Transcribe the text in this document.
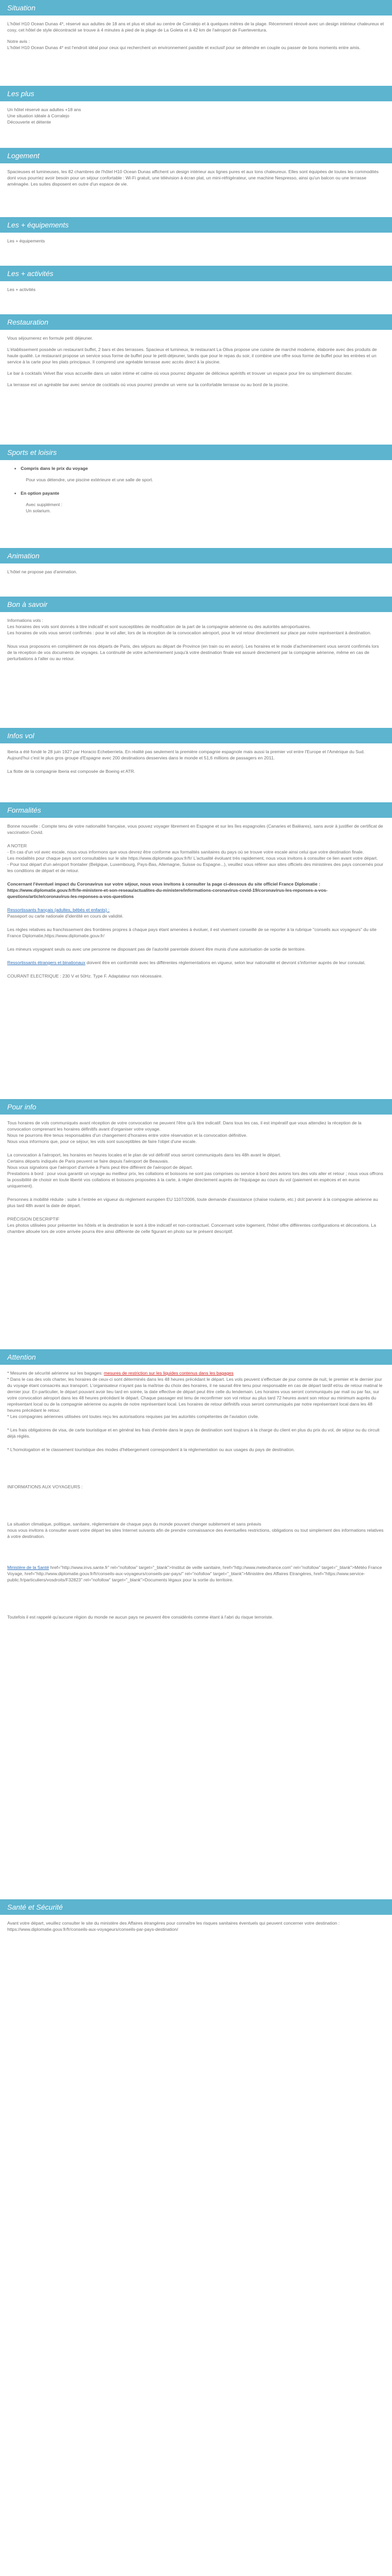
Situation

L'hôtel H10 Ocean Dunas 4*, réservé aux adultes de 18 ans et plus et situé au centre de Corralejo et à quelques mètres de la plage. Récemment rénové avec un design intérieur chaleureux et cosy, cet hôtel de style décontracté se trouve à 4 minutes à pied de la plage de La Goleta et à 42 km de l'aéroport de Fuerteventura.

Notre avis :

L'hôtel H10 Ocean Dunas 4* est l'endroit idéal pour ceux qui recherchent un environnement paisible et exclusif pour se détendre en couple ou passer de bons moments entre amis.

Les plus
Un hôtel réservé aux adultes +18 ans
Une situation idéale à Corralejo
Découverte et détente
Logement

Spacieuses et lumineuses, les 82 chambres de l'hôtel H10 Ocean Dunas affichent un design intérieur aux lignes pures et aux tons chaleureux. Elles sont équipées de toutes les commodités dont vous pourriez avoir besoin pour un séjour confortable : Wi-Fi gratuit, une télévision à écran plat, un mini-réfrigérateur, une machine Nespresso, ainsi qu'un balcon ou une terrasse aménagée. Les suites disposent en outre d'un espace de vie.

Les + équipements

Les + équipements

Les + activités

Les + activités

Restauration

Vous séjournerez en formule petit déjeuner.

L'établissement possède un restaurant buffet, 2 bars et des terrasses. Spacieux et lumineux, le restaurant La Oliva propose une cuisine de marché moderne, élaborée avec des produits de haute qualité. Le restaurant propose un service sous forme de buffet pour le petit-déjeuner, tandis que pour le repas du soir, il combine une offre sous forme de buffet pour les entrées et un service à la carte pour les plats principaux. Il comprend une agréable terrasse avec accès direct à la piscine.

Le bar à cocktails Velvet Bar vous accueille dans un salon intime et calme où vous pourrez déguster de délicieux apéritifs et trouver un espace pour lire ou simplement discuter.

La terrasse est un agréable bar avec service de cocktails où vous pourrez prendre un verre sur la confortable terrasse ou au bord de la piscine.

Sports et loisirs
• Compris dans le prix du voyage
Pour vous détendre, une piscine extérieure et une salle de sport.
• En option payante
Avec supplément :
Un solarium.
Animation

L'hôtel ne propose pas d'animation.

Bon à savoir

Informations vols :

Les horaires des vols sont donnés à titre indicatif et sont susceptibles de modification de la part de la compagnie aérienne ou des autorités aéroportuaires.

Les horaires de vols vous seront confirmés : pour le vol aller, lors de la réception de la convocation aéroport, pour le vol retour directement sur place par notre représentant à destination.

Nous vous proposons en complément de nos départs de Paris, des séjours au départ de Province (en train ou en avion). Les horaires et le mode d'acheminement vous seront confirmés lors de la réception de vos documents de voyages. La continuité de votre acheminement jusqu'à votre destination finale est assuré directement par la compagnie aérienne, même en cas de perturbations à l'aller ou au retour.

Infos vol

Iberia a été fondé le 28 juin 1927 par Horacio Echeberrieta. En réalité pas seulement la première compagnie espagnole mais aussi la premier vol entre l'Europe et l'Amérique du Sud. Aujourd'hui c'est le plus gros groupe d'Espagne avec 200 destinations desservies dans le monde et 51,6 millions de passagers en 2011.

La flotte de la compagnie Iberia est composée de Boeing et ATR.

Formalités

Bonne nouvelle : Compte tenu de votre nationalité française, vous pouvez voyager librement en Espagne et sur les îles espagnoles (Canaries et Baléares), sans avoir à justifier de certificat de vaccination Covid.

A NOTER

- En cas d'un vol avec escale, nous vous informons que vous devrez être conforme aux formalités sanitaires du pays où se trouve votre escale ainsi celui que votre destination finale.

Les modalités pour chaque pays sont consultables sur le site https://www.diplomatie.gouv.fr/fr/ L'actualité évoluant très rapidement, nous vous invitons à consulter ce lien avant votre départ.

- Pour tout départ d'un aéroport frontalier (Belgique, Luxembourg, Pays-Bas, Allemagne, Suisse ou Espagne...), veuillez vous référer aux sites officiels des ministères des pays concernés pour les conditions de départ et de retour.

Concernant l'éventuel impact du Coronavirus sur votre séjour, nous vous invitons à consulter la page ci-dessous du site officiel France Diplomatie :

https://www.diplomatie.gouv.fr/fr/le-ministere-et-son-reseau/actualites-du-ministere/informations-coronavirus-covid-19/coronavirus-les-reponses-a-vos-questions/article/coronavirus-les-reponses-a-vos-questions

Ressortissants français (adultes, bébés et enfants) :

Passeport ou carte nationale d'identité en cours de validité.

Les règles relatives au franchissement des frontières propres à chaque pays étant amenées à évoluer, il est vivement conseillé de se reporter à la rubrique "conseils aux voyageurs" du site France Diplomatie,https://www.diplomatie.gouv.fr/

Les mineurs voyageant seuls ou avec une personne ne disposant pas de l'autorité parentale doivent être munis d'une autorisation de sortie de territoire.

Ressortissants étrangers et binationaux doivent être en conformité avec les différentes réglementations en vigueur, selon leur nationalité et devront s'informer auprès de leur consulat.

COURANT ELECTRIQUE : 230 V et 50Hz. Type F. Adaptateur non nécessaire.

Pour info

Tous horaires de vols communiqués avant réception de votre convocation ne peuvent l'être qu'à titre indicatif. Dans tous les cas, il est impératif que vous attendiez la réception de la convocation comprenant les horaires définitifs avant d'organiser votre voyage.

Nous ne pourrons être tenus responsables d'un changement d'horaires entre votre réservation et la convocation définitive.

Nous vous informons que, pour ce séjour, les vols sont susceptibles de faire l'objet d'une escale.

La convocation à l'aéroport, les horaires en heures locales et le plan de vol définitif vous seront communiqués dans les 48h avant le départ.

Certains départs indiqués de Paris peuvent se faire depuis l'aéroport de Beauvais.

Nous vous signalons que l'aéroport d'arrivée à Paris peut être différent de l'aéroport de départ.

Prestations à bord : pour vous garantir un voyage au meilleur prix, les collations et boissons ne sont pas comprises ou service à bord des avions lors des vols aller et retour ; nous vous offrons la possibilité de choisir en toute liberté vos collations et boissons proposées à la carte, à régler directement auprès de l'équipage au cours du vol (paiement en espèces et en euros uniquement).

Personnes à mobilité réduite : suite à l'entrée en vigueur du règlement européen EU 1107/2006, toute demande d'assistance (chaise roulante, etc.) doit parvenir à la compagnie aérienne au plus tard 48h avant la date de départ.

PRÉCISION DESCRIPTIF

Les photos utilisées pour présenter les hôtels et la destination le sont à titre indicatif et non-contractuel. Concernant votre logement, l'hôtel offre différentes configurations et décorations. La chambre allouée lors de votre arrivée pourra être ainsi différente de celle figurant en photo sur le présent descriptif.

Attention

* Mesures de sécurité aérienne sur les bagages: mesures de restriction sur les liquides contenus dans les bagages

* Dans le cas des vols charter, les horaires de ceux-ci sont déterminés dans les 48 heures précédant le départ. Les vols peuvent s'effectuer de jour comme de nuit, le premier et le dernier jour du voyage étant consacrés aux transport. L'organisateur n'ayant pas la maîtrise du choix des horaires, il ne saurait être tenu pour responsable en cas de départ tardif et/ou de retour matinal le dernier jour. En particulier, le départ pouvant avoir lieu tard en soirée, la date effective de départ peut être celle du lendemain. Les horaires vous seront communiqués par mail ou par fax, sur votre convocation aéroport dans les 48 heures précédant le départ. Chaque passager est tenu de reconfirmer son vol retour au plus tard 72 heures avant son retour au minimum auprès du représentant local ou de la compagnie aérienne ou auprès de notre représentant local. Les horaires de retour définitifs vous seront communiqués par notre représentant local dans les 48 heures précédant le retour.

* Les compagnies aériennes utilisées ont toutes reçu les autorisations requises par les autorités compétentes de l'aviation civile.

* Les frais obligatoires de visa, de carte touristique et en général les frais d'entrée dans le pays de destination sont toujours à la charge du client en plus du prix du vol, de séjour ou du circuit déjà réglés.

* L'homologation et le classement touristique des modes d'hébergement correspondent à la réglementation ou aux usages du pays de destination.

INFORMATIONS AUX VOYAGEURS :

La situation climatique, politique, sanitaire, réglementaire de chaque pays du monde pouvant changer subitement et sans préavis

nous vous invitons à consulter avant votre départ les sites Internet suivants afin de prendre connaissance des éventuelles restrictions, obligations ou tout simplement des informations relatives à votre destination.

Ministère de la Santé href="http://www.invs.sante.fr" rel="nofollow" target="_blank">Institut de veille sanitaire, href="http://www.meteofrance.com" rel="nofollow" target="_blank">Météo France Voyage, href="http://www.diplomatie.gouv.fr/fr/conseils-aux-voyageurs/conseils-par-pays/" rel="nofollow" target="_blank">Ministère des Affaires Etrangères, href="https://www.service-public.fr/particuliers/vosdroits/F32823" rel="nofollow" target="_blank">Documents légaux pour la sortie du territoire.

Toutefois il est rappelé qu'aucune région du monde ne aucun pays ne peuvent être considérés comme étant à l'abri du risque terroriste.

Santé et Sécurité

Avant votre départ, veuillez consulter le site du ministère des Affaires étrangères pour connaître les risques sanitaires éventuels qui peuvent concerner votre destination : https://www.diplomatie.gouv.fr/fr/conseils-aux-voyageurs/conseils-par-pays-destination/
